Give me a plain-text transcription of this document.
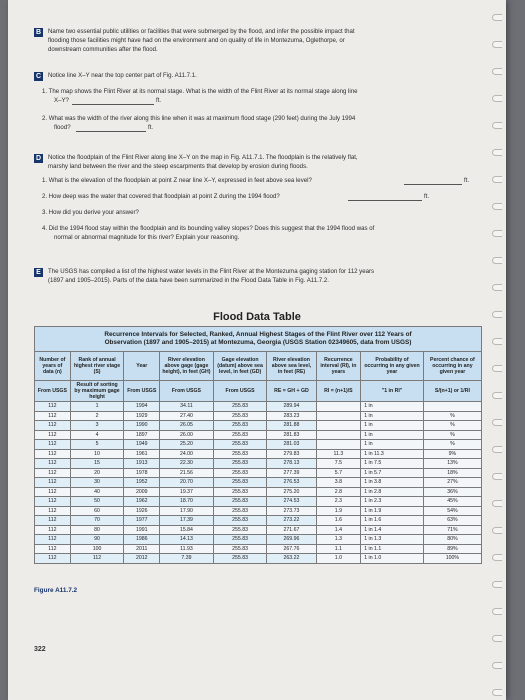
B	Name two essential public utilities or facilities that were submerged by the flood, and infer the possible impact that
flooding those facilities might have had on the environment and on quality of life in Montezuma, Oglethorpe, or
downstream communities after the flood.
C	Notice line X–Y near the top center part of Fig. A11.7.1.
1. The map shows the Flint River at its normal stage. What is the width of the Flint River at its normal stage along line
X–Y?	ft.
2. What was the width of the river along this line when it was at maximum flood stage (290 feet) during the July 1994
flood?	ft.
D	Notice the floodplain of the Flint River along line X–Y on the map in Fig. A11.7.1. The floodplain is the relatively flat,
marshy land between the river and the steep escarpments that develop by erosion during floods.
1. What is the elevation of the floodplain at point Z near line X–Y, expressed in feet above sea level?	ft.
2. How deep was the water that covered that floodplain at point Z during the 1994 flood?	ft.
3. How did you derive your answer?
4. Did the 1994 flood stay within the floodplain and its bounding valley slopes? Does this suggest that the 1994 flood was of
normal or abnormal magnitude for this river? Explain your reasoning.
E	The USGS has compiled a list of the highest water levels in the Flint River at the Montezuma gaging station for 112 years
(1897 and 1905–2015). Parts of the data have been summarized in the Flood Data Table in Fig. A11.7.2.
Flood Data Table
Recurrence Intervals for Selected, Ranked, Annual Highest Stages of the Flint River over 112 Years of
Observation (1897 and 1905–2015) at Montezuma, Georgia (USGS Station 02349605, data from USGS)								

Number of years of data (n)	Rank of annual highest river stage (S)	Year	River elevation above gage (gage height), in feet (GH)	Gage elevation (datum) above sea level, in feet (GD)	River elevation above sea level, in feet (RE)	Recurrence interval (RI), in years	Probability of occurring in any given year	Percent chance of occurring in any given year
From USGS	Result of sorting by maximum gage height	From USGS	From USGS	From USGS	RE = GH + GD	RI = (n+1)/S	"1 in RI"	S/(n+1) or 1/RI
112	1	1994	34.11	255.83	289.94		1 in	
112	2	1929	27.40	255.83	283.23		1 in	%
112	3	1990	26.05	255.83	281.88		1 in	%
112	4	1897	26.00	255.83	281.83		1 in	%
112	5	1949	25.20	255.83	281.03		1 in	%
112	10	1961	24.00	255.83	279.83	11.3	1 in 11.3	9%
112	15	1913	22.30	255.83	278.13	7.5	1 in 7.5	13%
112	20	1978	21.56	255.83	277.39	5.7	1 in 5.7	18%
112	30	1952	20.70	255.83	276.53	3.8	1 in 3.8	27%
112	40	2009	19.37	255.83	275.20	2.8	1 in 2.8	36%
112	50	1962	18.70	255.83	274.53	2.3	1 in 2.3	45%
112	60	1926	17.90	255.83	273.73	1.9	1 in 1.9	54%
112	70	1977	17.39	255.83	273.22	1.6	1 in 1.6	63%
112	80	1991	15.84	255.83	271.67	1.4	1 in 1.4	71%
112	90	1986	14.13	255.83	269.96	1.3	1 in 1.3	80%
112	100	2011	11.93	255.83	267.76	1.1	1 in 1.1	89%
112	112	2012	7.39	255.83	263.22	1.0	1 in 1.0	100%
Figure A11.7.2
322
